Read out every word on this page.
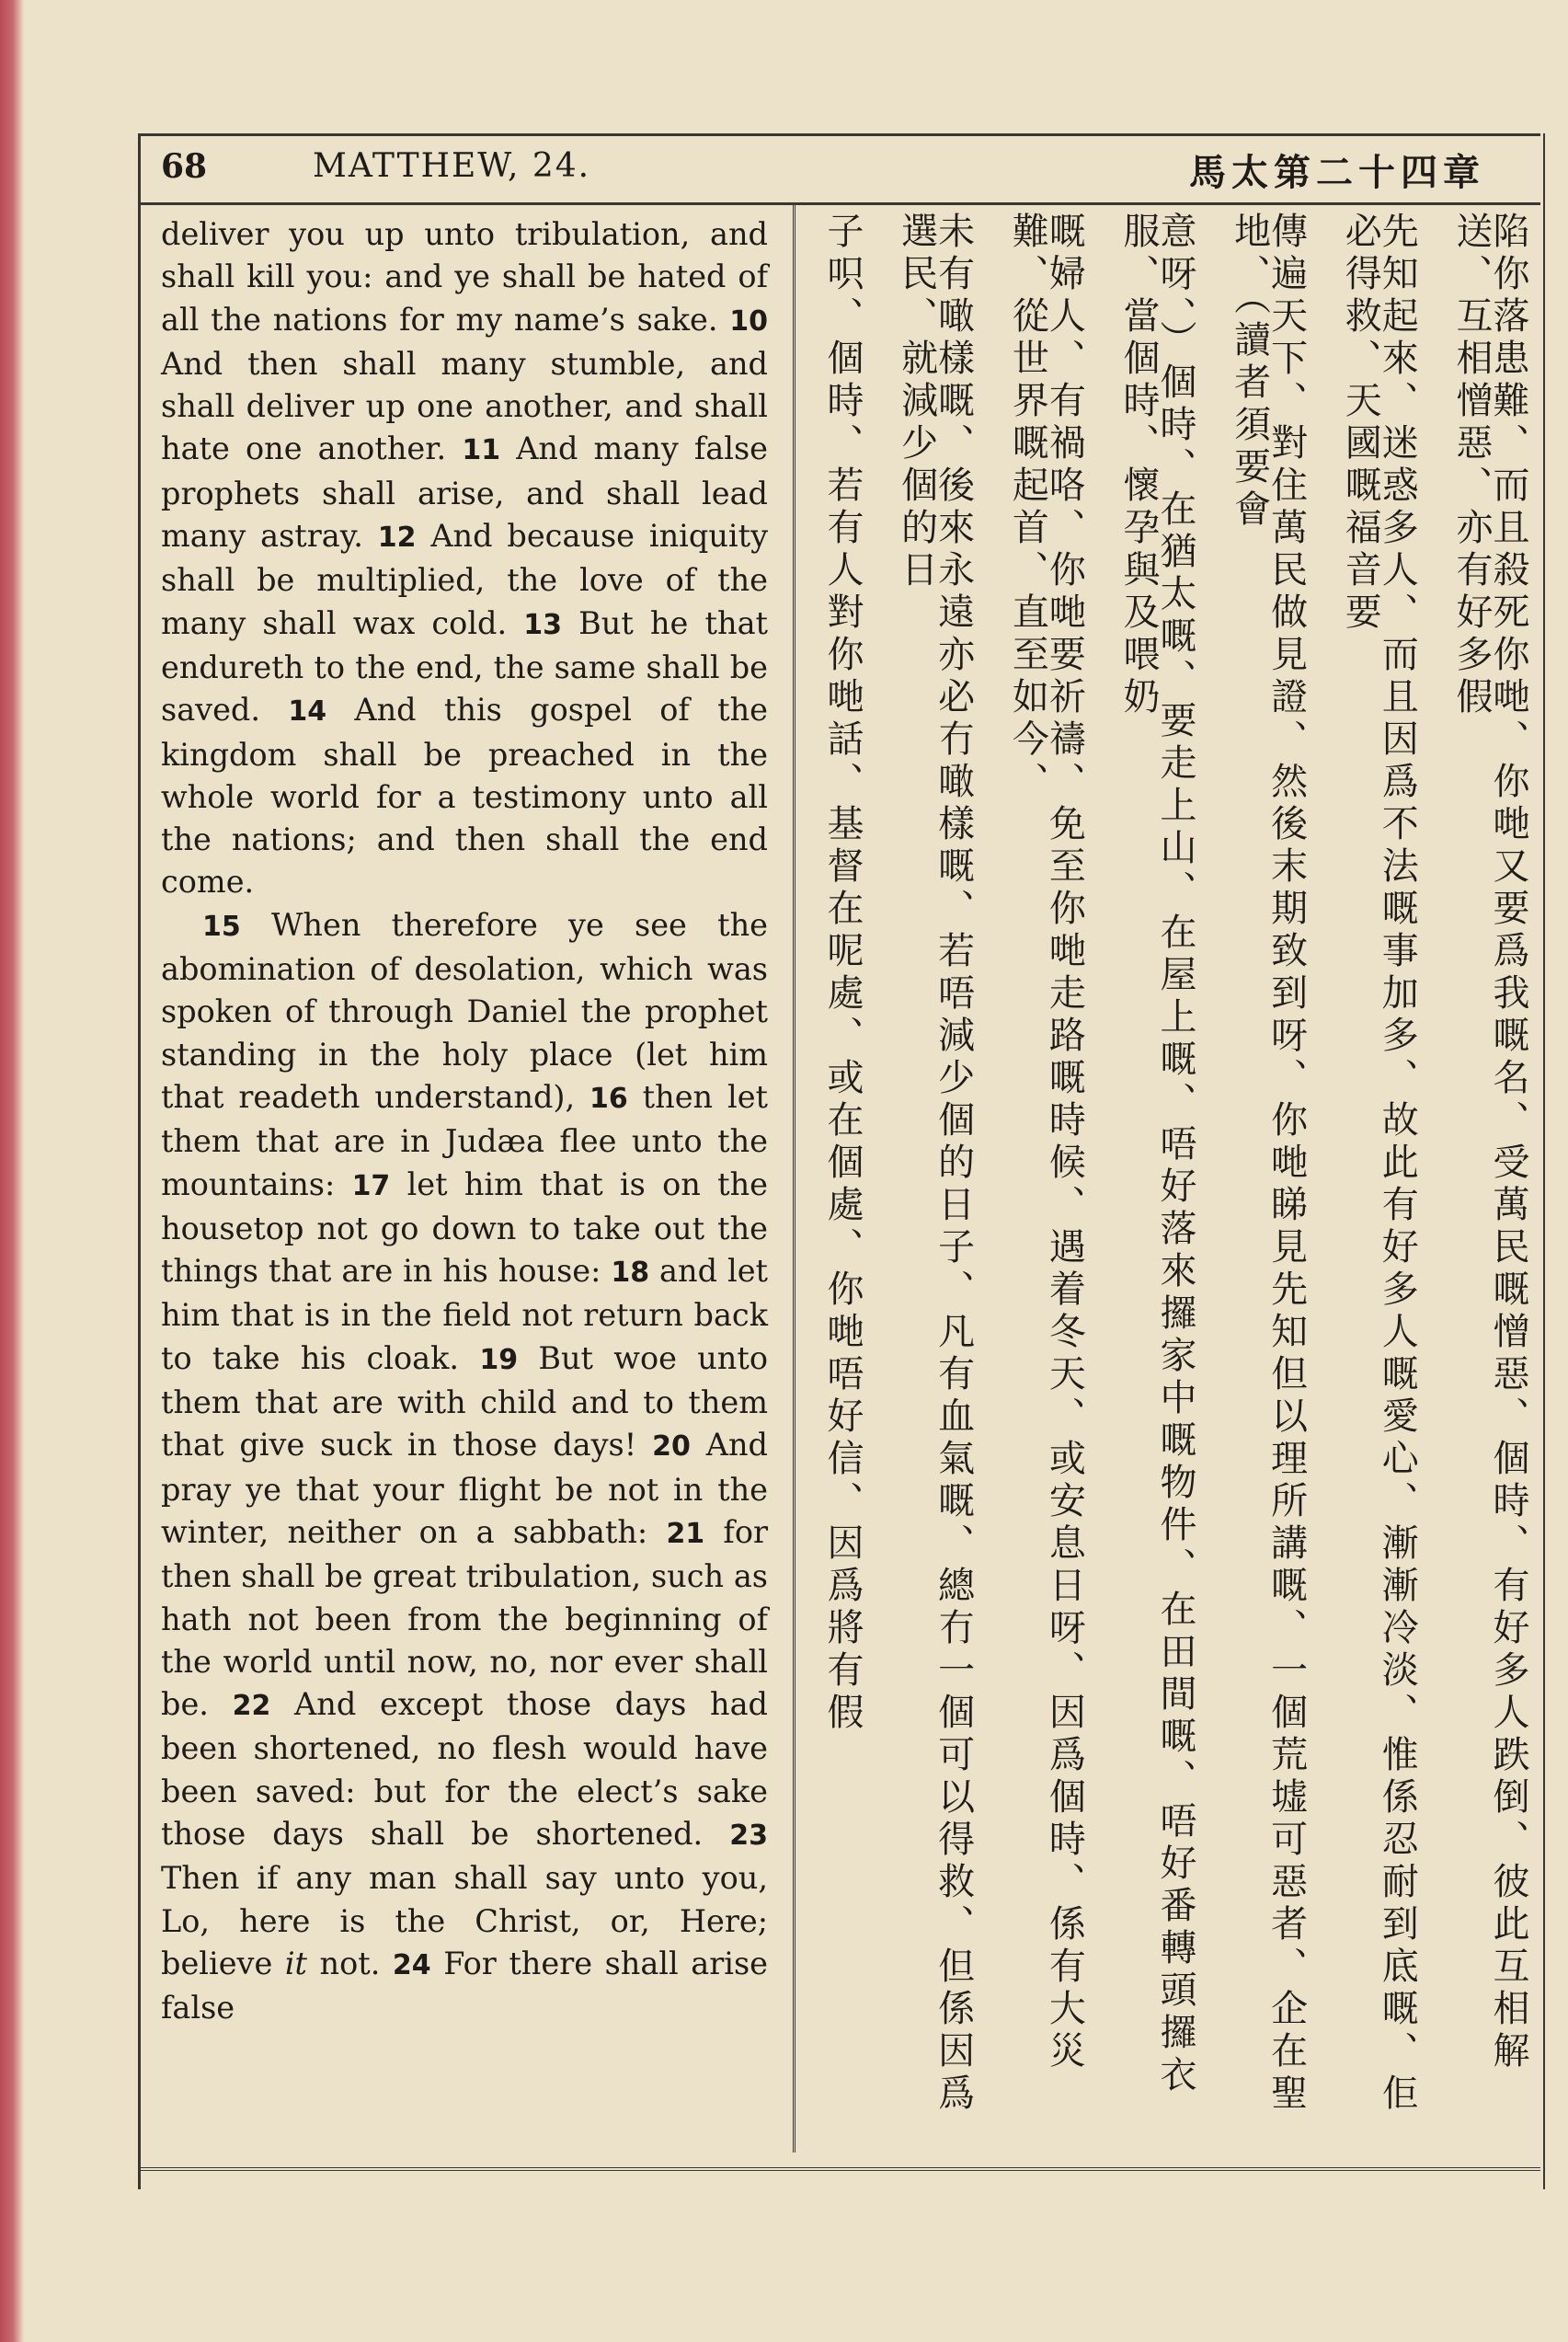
68	MATTHEW, 24.	馬太第二十四章

deliver you up unto tribulation, and shall kill you: and ye shall be hated of all the nations for my name’s sake. 10 And then shall many stumble, and shall deliver up one another, and shall hate one another. 11 And many false prophets shall arise, and shall lead many astray. 12 And because iniquity shall be multiplied, the love of the many shall wax cold. 13 But he that endureth to the end, the same shall be saved. 14 And this gospel of the kingdom shall be preached in the whole world for a testimony unto all the nations; and then shall the end come.

15 When therefore ye see the abomination of desolation, which was spoken of through Daniel the prophet standing in the holy place (let him that readeth understand), 16 then let them that are in Judæa flee unto the mountains: 17 let him that is on the housetop not go down to take out the things that are in his house: 18 and let him that is in the field not return back to take his cloak. 19 But woe unto them that are with child and to them that give suck in those days! 20 And pray ye that your flight be not in the winter, neither on a sabbath: 21 for then shall be great tribulation, such as hath not been from the beginning of the world until now, no, nor ever shall be. 22 And except those days had been shortened, no flesh would have been saved: but for the elect’s sake those days shall be shortened. 23 Then if any man shall say unto you, Lo, here is the Christ, or, Here; believe it not. 24 For there shall arise false	陷你落患難、而且殺死你哋、你哋又要爲我嘅名、受萬民嘅憎惡、個時、有好多人跌倒、彼此互相解送、互相憎惡、亦有好多假
先知起來、迷惑多人、而且因爲不法嘅事加多、故此有好多人嘅愛心、漸漸冷淡、惟係忍耐到底嘅、佢必得救、天國嘅福音要
傳遍天下、對住萬民做見證、然後末期致到呀、你哋睇見先知但以理所講嘅、一個荒墟可惡者、企在聖地、（讀者須要會
意呀、）個時、在猶太嘅、要走上山、在屋上嘅、唔好落來攞家中嘅物件、在田間嘅、唔好番轉頭攞衣服、當個時、懷孕與及喂奶
嘅婦人、有禍咯、你哋要祈禱、免至你哋走路嘅時候、遇着冬天、或安息日呀、因爲個時、係有大災難、從世界嘅起首、直至如今、
未有噉樣嘅、後來永遠亦必冇噉樣嘅、若唔減少個的日子、凡有血氣嘅、總冇一個可以得救、但係因爲選民、就減少個的日
子呮、個時、若有人對你哋話、基督在呢處、或在個處、你哋唔好信、因爲將有假
